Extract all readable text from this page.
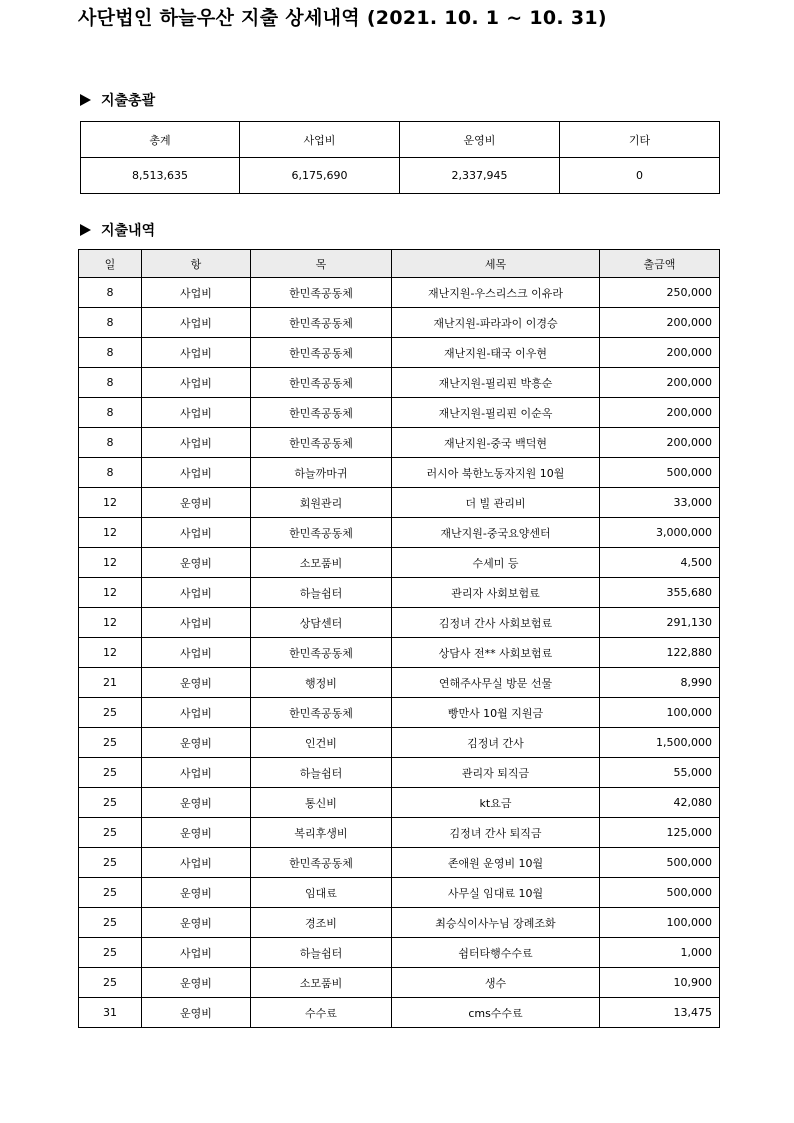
사단법인 하늘우산 지출 상세내역 (2021. 10. 1 ~ 10. 31)
지출총괄
총계	사업비	운영비	기타
8,513,635	6,175,690	2,337,945	0
지출내역
일	항	목	세목	출금액
8	사업비	한민족공동체	재난지원-우스리스크 이유라	250,000
8	사업비	한민족공동체	재난지원-파라과이 이경승	200,000
8	사업비	한민족공동체	재난지원-태국 이우현	200,000
8	사업비	한민족공동체	재난지원-필리핀 박흥순	200,000
8	사업비	한민족공동체	재난지원-필리핀 이순옥	200,000
8	사업비	한민족공동체	재난지원-중국 백덕현	200,000
8	사업비	하늘까마귀	러시아 북한노동자지원 10월	500,000
12	운영비	회원관리	더 빌 관리비	33,000
12	사업비	한민족공동체	재난지원-중국요양센터	3,000,000
12	운영비	소모품비	수세미 등	4,500
12	사업비	하늘쉼터	관리자 사회보험료	355,680
12	사업비	상담센터	김정녀 간사 사회보험료	291,130
12	사업비	한민족공동체	상담사 전** 사회보험료	122,880
21	운영비	행정비	연해주사무실 방문 선물	8,990
25	사업비	한민족공동체	빵만사 10월 지원금	100,000
25	운영비	인건비	김정녀 간사	1,500,000
25	사업비	하늘쉼터	관리자 퇴직금	55,000
25	운영비	통신비	kt요금	42,080
25	운영비	복리후생비	김정녀 간사 퇴직금	125,000
25	사업비	한민족공동체	존애원 운영비 10월	500,000
25	운영비	임대료	사무실 임대료 10월	500,000
25	운영비	경조비	최승식이사누님 장례조화	100,000
25	사업비	하늘쉼터	쉼터타행수수료	1,000
25	운영비	소모품비	생수	10,900
31	운영비	수수료	cms수수료	13,475
